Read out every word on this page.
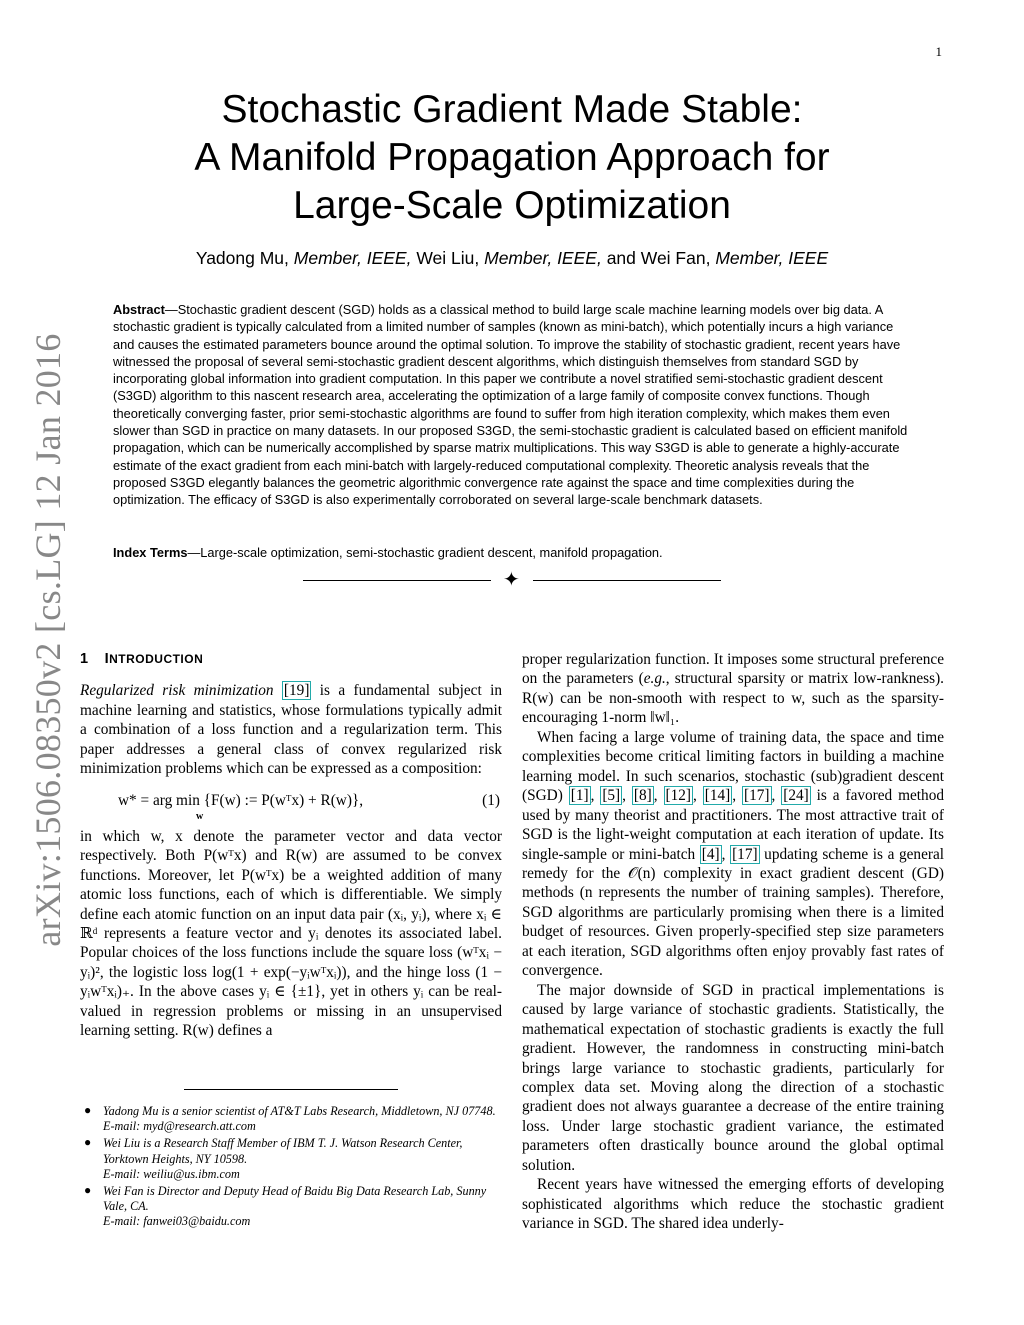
1
arXiv:1506.08350v2 [cs.LG] 12 Jan 2016
Stochastic Gradient Made Stable:
A Manifold Propagation Approach for
Large-Scale Optimization
Yadong Mu, Member, IEEE, Wei Liu, Member, IEEE, and Wei Fan, Member, IEEE
Abstract—Stochastic gradient descent (SGD) holds as a classical method to build large scale machine learning models over big data. A stochastic gradient is typically calculated from a limited number of samples (known as mini-batch), which potentially incurs a high variance and causes the estimated parameters bounce around the optimal solution. To improve the stability of stochastic gradient, recent years have witnessed the proposal of several semi-stochastic gradient descent algorithms, which distinguish themselves from standard SGD by incorporating global information into gradient computation. In this paper we contribute a novel stratified semi-stochastic gradient descent (S3GD) algorithm to this nascent research area, accelerating the optimization of a large family of composite convex functions. Though theoretically converging faster, prior semi-stochastic algorithms are found to suffer from high iteration complexity, which makes them even slower than SGD in practice on many datasets. In our proposed S3GD, the semi-stochastic gradient is calculated based on efficient manifold propagation, which can be numerically accomplished by sparse matrix multiplications. This way S3GD is able to generate a highly-accurate estimate of the exact gradient from each mini-batch with largely-reduced computational complexity. Theoretic analysis reveals that the proposed S3GD elegantly balances the geometric algorithmic convergence rate against the space and time complexities during the optimization. The efficacy of S3GD is also experimentally corroborated on several large-scale benchmark datasets.
Index Terms—Large-scale optimization, semi-stochastic gradient descent, manifold propagation.
✦
1 INTRODUCTION

Regularized risk minimization [19] is a fundamental subject in machine learning and statistics, whose formulations typically admit a combination of a loss function and a regularization term. This paper addresses a general class of convex regularized risk minimization problems which can be expressed as a composition:

w* = arg min {F(w) := P(wᵀx) + R(w)},	(1)
w

in which w, x denote the parameter vector and data vector respectively. Both P(wᵀx) and R(w) are assumed to be convex functions. Moreover, let P(wᵀx) be a weighted addition of many atomic loss functions, each of which is differentiable. We simply define each atomic function on an input data pair (xᵢ, yᵢ), where xᵢ ∈ ℝᵈ represents a feature vector and yᵢ denotes its associated label. Popular choices of the loss functions include the square loss (wᵀxᵢ − yᵢ)², the logistic loss log(1 + exp(−yᵢwᵀxᵢ)), and the hinge loss (1 − yᵢwᵀxᵢ)₊. In the above cases yᵢ ∈ {±1}, yet in others yᵢ can be real-valued in regression problems or missing in an unsupervised learning setting. R(w) defines a

● Yadong Mu is a senior scientist of AT&T Labs Research, Middletown, NJ 07748.
E-mail: myd@research.att.com
● Wei Liu is a Research Staff Member of IBM T. J. Watson Research Center, Yorktown Heights, NY 10598.
E-mail: weiliu@us.ibm.com
● Wei Fan is Director and Deputy Head of Baidu Big Data Research Lab, Sunny Vale, CA.
E-mail: fanwei03@baidu.com

proper regularization function. It imposes some structural preference on the parameters (e.g., structural sparsity or matrix low-rankness). R(w) can be non-smooth with respect to w, such as the sparsity-encouraging 1-norm ‖w‖₁.

When facing a large volume of training data, the space and time complexities become critical limiting factors in building a machine learning model. In such scenarios, stochastic (sub)gradient descent (SGD) [1] , [5] , [8] , [12] , [14] , [17] , [24] is a favored method used by many theorist and practitioners. The most attractive trait of SGD is the light-weight computation at each iteration of update. Its single-sample or mini-batch [4] , [17] updating scheme is a general remedy for the 𝒪(n) complexity in exact gradient descent (GD) methods (n represents the number of training samples). Therefore, SGD algorithms are particularly promising when there is a limited budget of resources. Given properly-specified step size parameters at each iteration, SGD algorithms often enjoy provably fast rates of convergence.

The major downside of SGD in practical implementations is caused by large variance of stochastic gradients. Statistically, the mathematical expectation of stochastic gradients is exactly the full gradient. However, the randomness in constructing mini-batch brings large variance to stochastic gradients, particularly for complex data set. Moving along the direction of a stochastic gradient does not always guarantee a decrease of the entire training loss. Under large stochastic gradient variance, the estimated parameters often drastically bounce around the global optimal solution.

Recent years have witnessed the emerging efforts of developing sophisticated algorithms which reduce the stochastic gradient variance in SGD. The shared idea underly-
